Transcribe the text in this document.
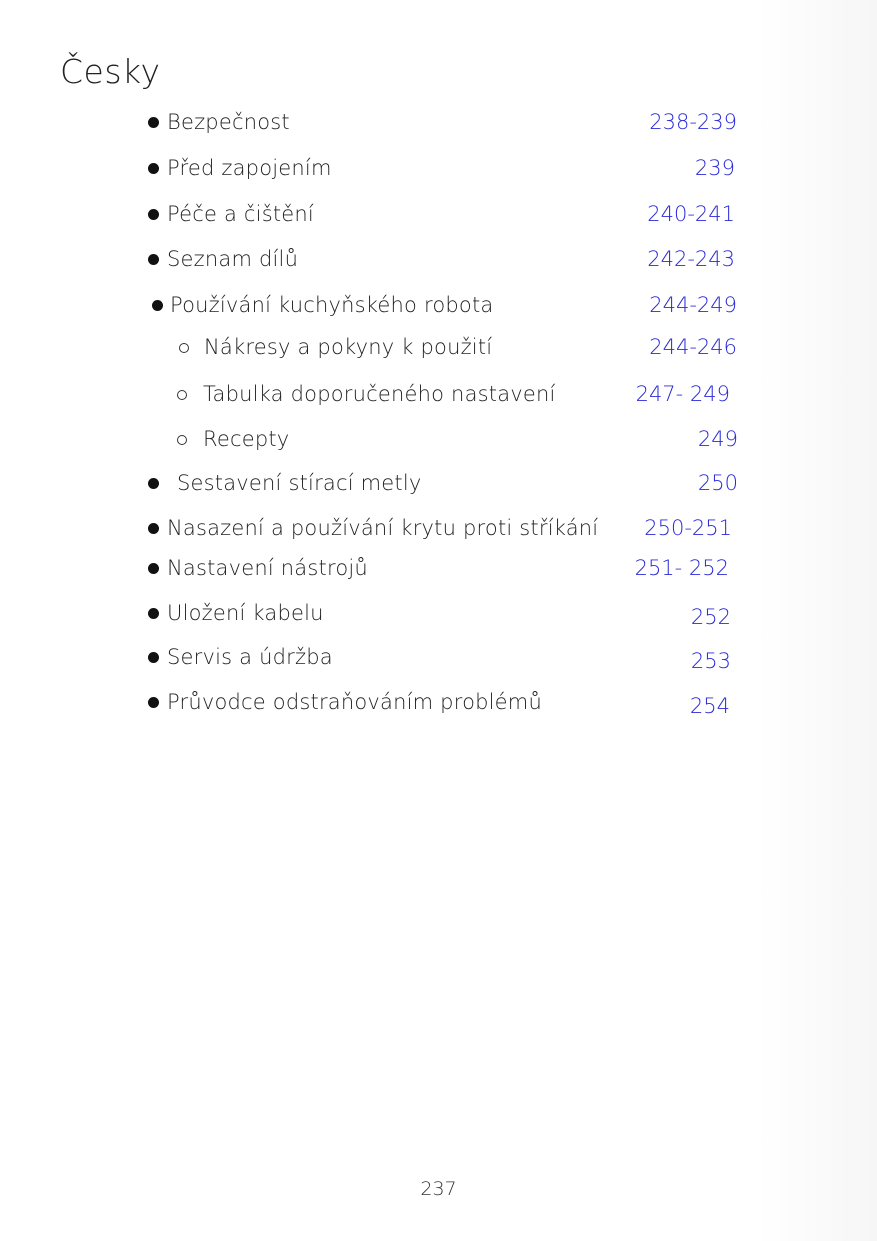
Česky
Bezpečnost	238-239
Před zapojením	239
Péče a čištění	240-241
Seznam dílů	242-243
Používání kuchyňského robota	244-249
Nákresy a pokyny k použití	244-246
Tabulka doporučeného nastavení	247- 249
Recepty	249
Sestavení stírací metly	250
Nasazení a používání krytu proti stříkání 250-251
Nastavení nástrojů	251- 252
Uložení kabelu	252
Servis a údržba	253
Průvodce odstraňováním problémů	254
237
